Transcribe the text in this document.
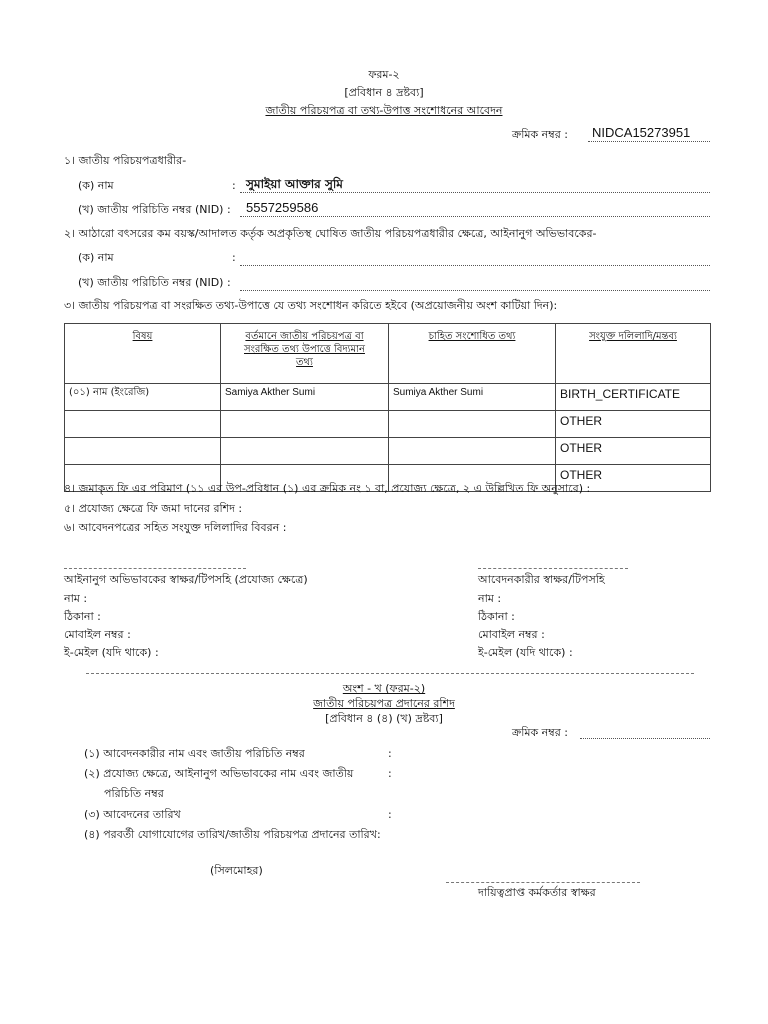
ফরম-২
[প্রবিধান ৪ দ্রষ্টব্য]
জাতীয় পরিচয়পত্র বা তথ্য-উপাত্ত সংশোধনের আবেদন
ক্রমিক নম্বর : NIDCA15273951
১। জাতীয় পরিচয়পত্রধারীর-
(ক) নাম	: সুমাইয়া আক্তার সুমি
(খ) জাতীয় পরিচিতি নম্বর (NID) : 5557259586
২। আঠারো বৎসরের কম বয়স্ক/আদালত কর্তৃক অপ্রকৃতিস্থ ঘোষিত জাতীয় পরিচয়পত্রধারীর ক্ষেত্রে, আইনানুগ অভিভাবকের-
(ক) নাম	:
(খ) জাতীয় পরিচিতি নম্বর (NID) :
৩। জাতীয় পরিচয়পত্র বা সংরক্ষিত তথ্য-উপাত্তে যে তথ্য সংশোধন করিতে হইবে (অপ্রয়োজনীয় অংশ কাটিয়া দিন):
বিষয়	বর্তমানে জাতীয় পরিচয়পত্র বা সংরক্ষিত তথ্য উপাত্তে বিদ্যমান তথ্য	চাহিত সংশোধিত তথ্য	সংযুক্ত দলিলাদি/মন্তব্য
(০১) নাম (ইংরেজি)	Samiya Akther Sumi	Sumiya Akther Sumi	BIRTH_CERTIFICATE
			OTHER
			OTHER
			OTHER
৪। জমাকৃত ফি এর পরিমাণ (১১ এর উপ-প্রবিধান (১) এর ক্রমিক নং ১ বা, প্রযোজ্য ক্ষেত্রে, ২ এ উল্লিখিত ফি অনুসারে) :
৫। প্রযোজ্য ক্ষেত্রে ফি জমা দানের রশিদ :
৬। আবেদনপত্রের সহিত সংযুক্ত দলিলাদির বিবরন :
আইনানুগ অভিভাবকের স্বাক্ষর/টিপসহি (প্রযোজ্য ক্ষেত্রে)
নাম :
ঠিকানা :
মোবাইল নম্বর :
ই-মেইল (যদি থাকে) :
আবেদনকারীর স্বাক্ষর/টিপসহি
নাম :
ঠিকানা :
মোবাইল নম্বর :
ই-মেইল (যদি থাকে) :
অংশ - খ (ফরম-২)
জাতীয় পরিচয়পত্র প্রদানের রশিদ
[প্রবিধান ৪ (৪) (খ) দ্রষ্টব্য]
ক্রমিক নম্বর :
(১) আবেদনকারীর নাম এবং জাতীয় পরিচিতি নম্বর	:
(২) প্রযোজ্য ক্ষেত্রে, আইনানুগ অভিভাবকের নাম এবং জাতীয়	:
পরিচিতি নম্বর
(৩) আবেদনের তারিখ	:
(৪) পরবর্তী যোগাযোগের তারিখ/জাতীয় পরিচয়পত্র প্রদানের তারিখ:
(সিলমোহর)
দায়িত্বপ্রাপ্ত কর্মকর্তার স্বাক্ষর
